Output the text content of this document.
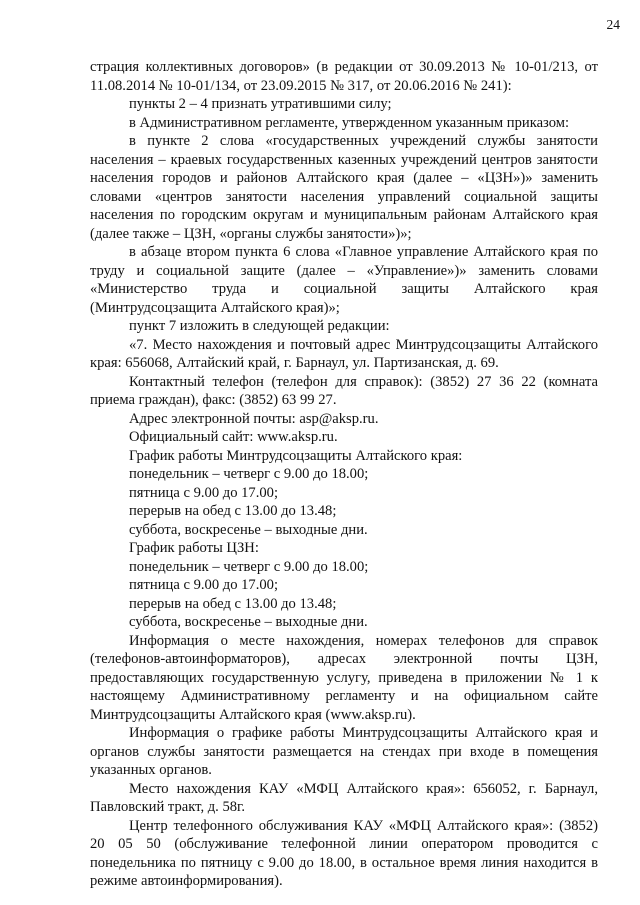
24

страция коллективных договоров» (в редакции от 30.09.2013 № 10-01/213, от 11.08.2014 № 10-01/134, от 23.09.2015 № 317, от 20.06.2016 № 241):

пункты 2 – 4 признать утратившими силу;

в Административном регламенте, утвержденном указанным приказом:

в пункте 2 слова «государственных учреждений службы занятости населения – краевых государственных казенных учреждений центров занятости населения городов и районов Алтайского края (далее – «ЦЗН»)» заменить словами «центров занятости населения управлений социальной защиты населения по городским округам и муниципальным районам Алтайского края (далее также – ЦЗН, «органы службы занятости»)»;

в абзаце втором пункта 6 слова «Главное управление Алтайского края по труду и социальной защите (далее – «Управление»)» заменить словами «Министерство труда и социальной защиты Алтайского края (Минтрудсоцзащита Алтайского края)»;

пункт 7 изложить в следующей редакции:

«7. Место нахождения и почтовый адрес Минтрудсоцзащиты Алтайского края: 656068, Алтайский край, г. Барнаул, ул. Партизанская, д. 69.

Контактный телефон (телефон для справок): (3852) 27 36 22 (комната приема граждан), факс: (3852) 63 99 27.

Адрес электронной почты: asp@aksp.ru.

Официальный сайт: www.aksp.ru.

График работы Минтрудсоцзащиты Алтайского края:

понедельник – четверг с 9.00 до 18.00;

пятница с 9.00 до 17.00;

перерыв на обед с 13.00 до 13.48;

суббота, воскресенье – выходные дни.

График работы ЦЗН:

понедельник – четверг с 9.00 до 18.00;

пятница с 9.00 до 17.00;

перерыв на обед с 13.00 до 13.48;

суббота, воскресенье – выходные дни.

Информация о месте нахождения, номерах телефонов для справок (телефонов-автоинформаторов), адресах электронной почты ЦЗН, предоставляющих государственную услугу, приведена в приложении № 1 к настоящему Административному регламенту и на официальном сайте Минтрудсоцзащиты Алтайского края (www.aksp.ru).

Информация о графике работы Минтрудсоцзащиты Алтайского края и органов службы занятости размещается на стендах при входе в помещения указанных органов.

Место нахождения КАУ «МФЦ Алтайского края»: 656052, г. Барнаул, Павловский тракт, д. 58г.

Центр телефонного обслуживания КАУ «МФЦ Алтайского края»: (3852) 20 05 50 (обслуживание телефонной линии оператором проводится с понедельника по пятницу с 9.00 до 18.00, в остальное время линия находится в режиме автоинформирования).
